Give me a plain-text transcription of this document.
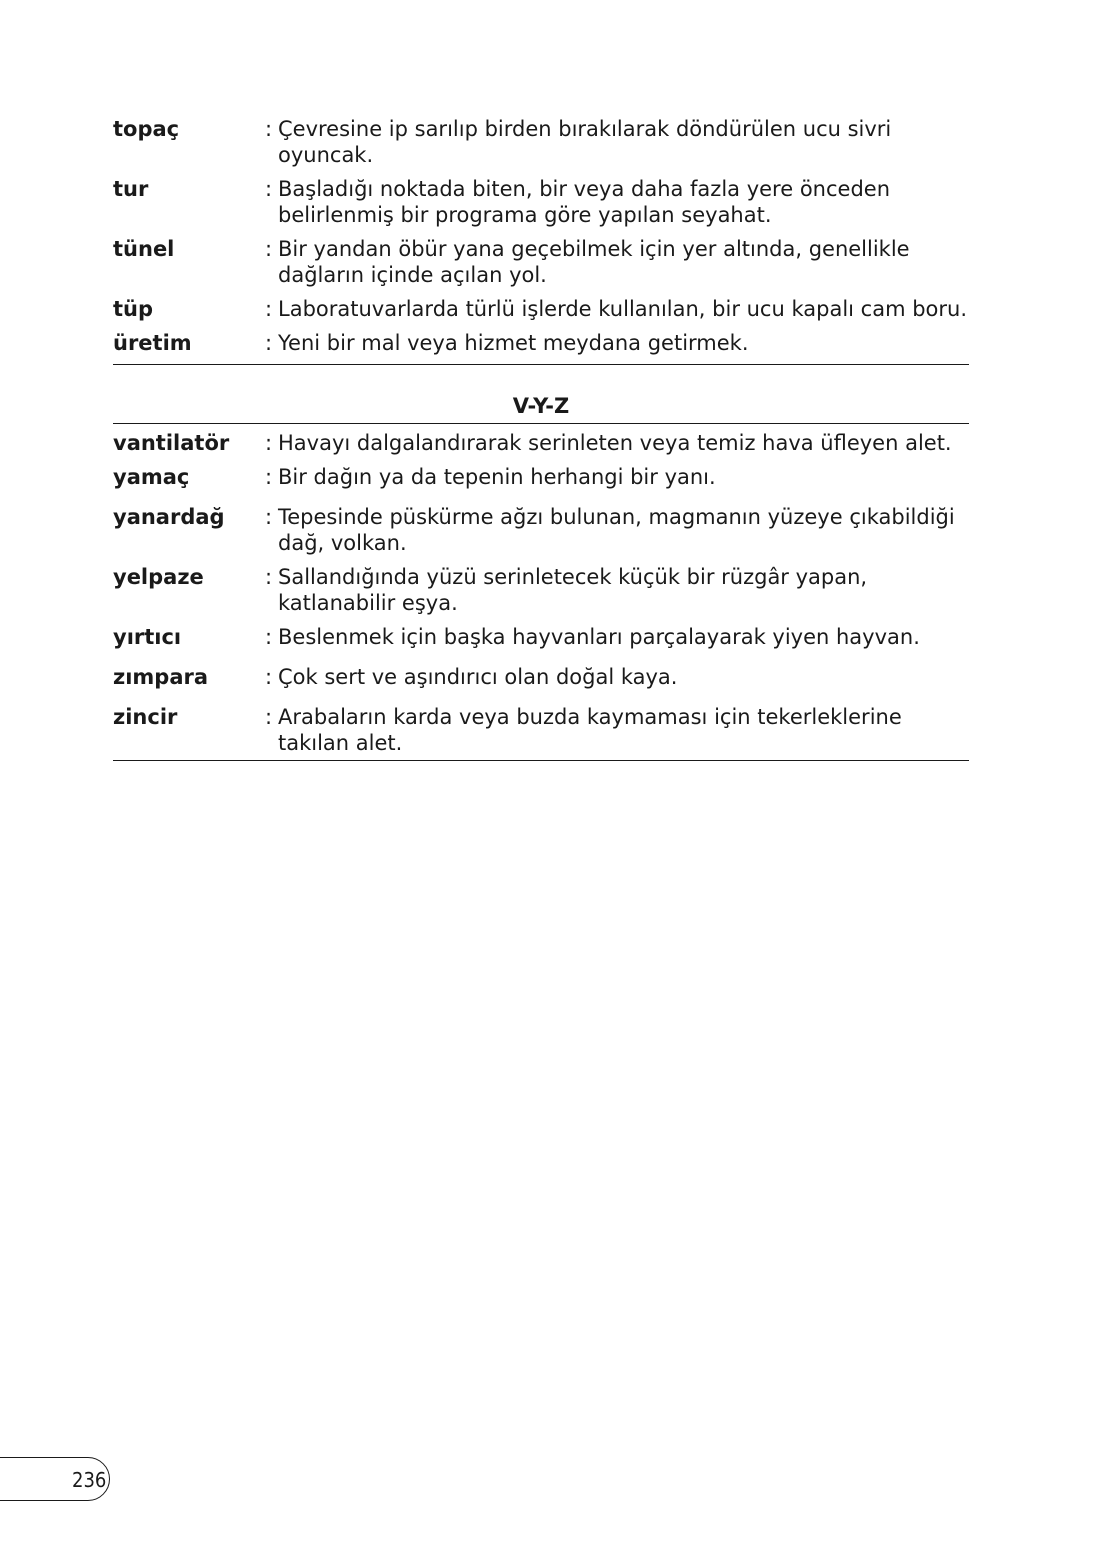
topaç	: Çevresine ip sarılıp birden bırakılarak döndürülen ucu sivri oyuncak.
tur	: Başladığı noktada biten, bir veya daha fazla yere önceden belirlenmiş bir programa göre yapılan seyahat.
tünel	: Bir yandan öbür yana geçebilmek için yer altında, genellikle dağların içinde açılan yol.
tüp	: Laboratuvarlarda türlü işlerde kullanılan, bir ucu kapalı cam boru.
üretim	: Yeni bir mal veya hizmet meydana getirmek.
V-Y-Z
vantilatör : Havayı dalgalandırarak serinleten veya temiz hava üfleyen alet.
yamaç	: Bir dağın ya da tepenin herhangi bir yanı.
yanardağ : Tepesinde püskürme ağzı bulunan, magmanın yüzeye çıkabildiği dağ, volkan.
yelpaze	: Sallandığında yüzü serinletecek küçük bir rüzgâr yapan, katlanabilir eşya.
yırtıcı	: Beslenmek için başka hayvanları parçalayarak yiyen hayvan.
zımpara	: Çok sert ve aşındırıcı olan doğal kaya.
zincir	: Arabaların karda veya buzda kaymaması için tekerleklerine takılan alet.
236
